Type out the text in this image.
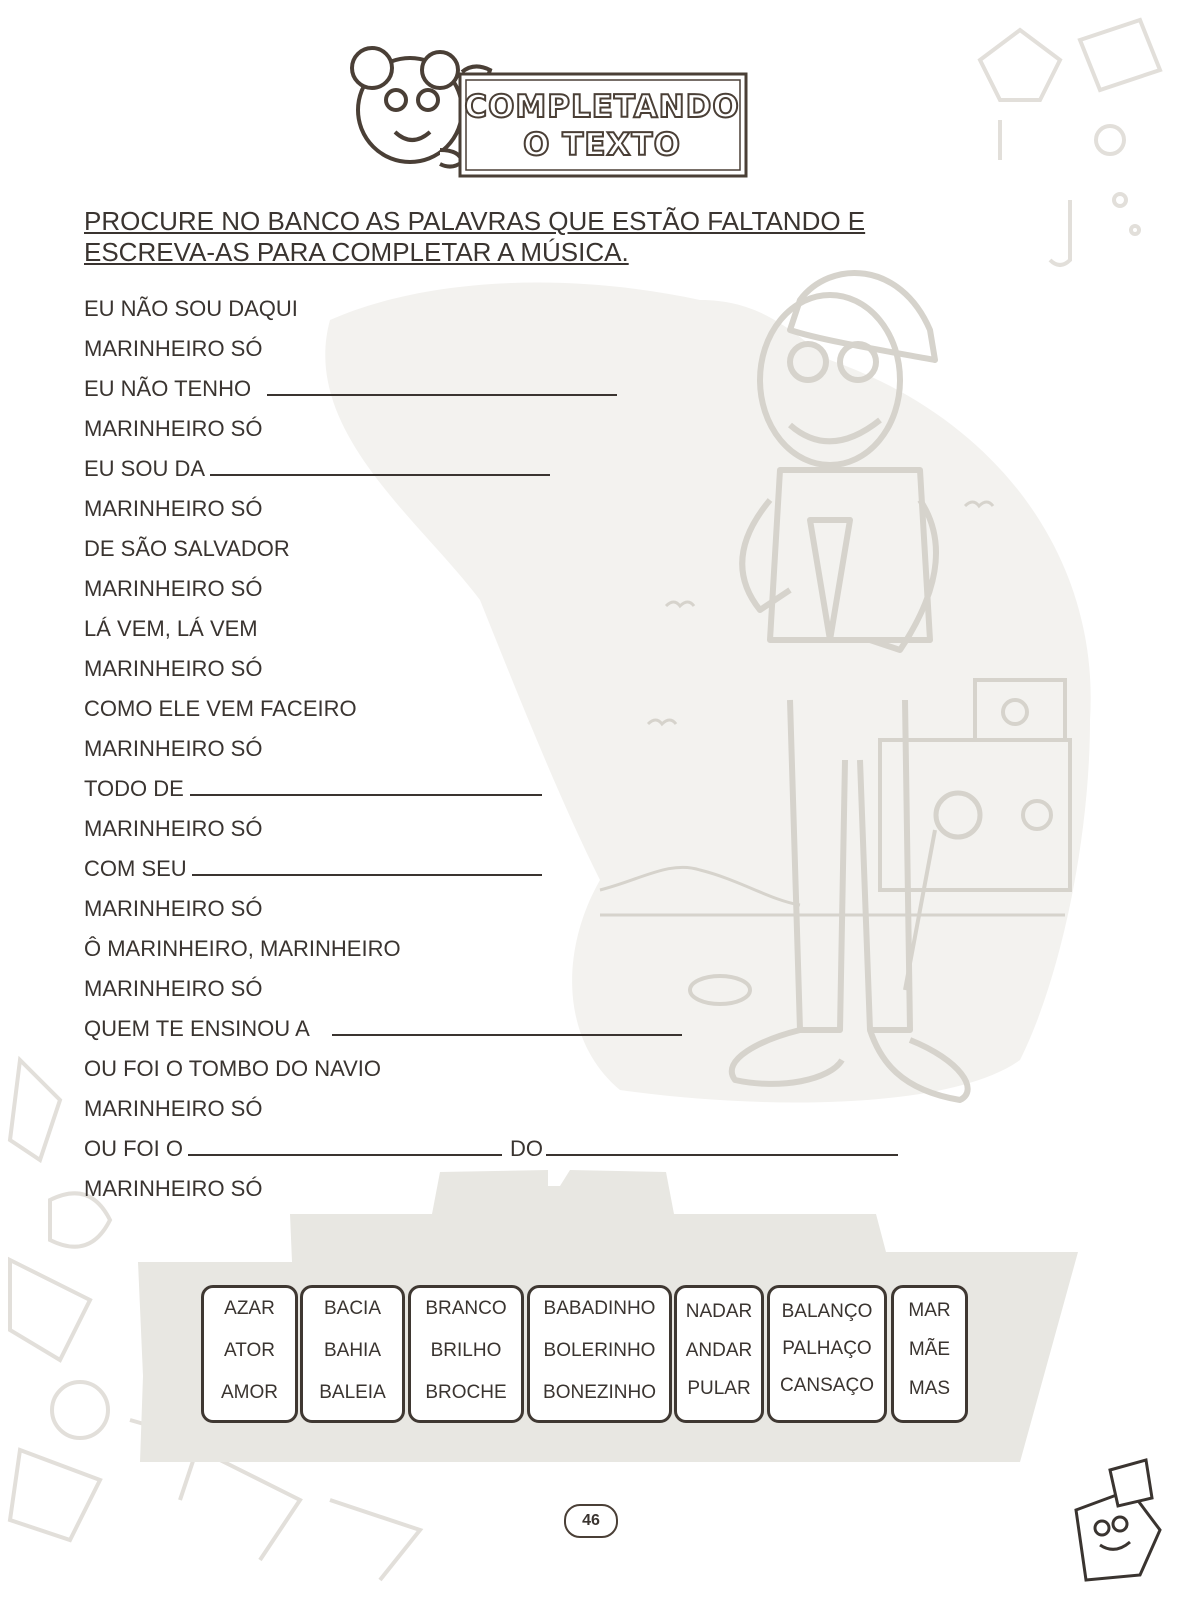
COMPLETANDO
O TEXTO
PROCURE NO BANCO AS PALAVRAS QUE ESTÃO FALTANDO E
ESCREVA-AS PARA COMPLETAR A MÚSICA.
EU NÃO SOU DAQUI
MARINHEIRO SÓ
EU NÃO TENHO
MARINHEIRO SÓ
EU SOU DA
MARINHEIRO SÓ
DE SÃO SALVADOR
MARINHEIRO SÓ
LÁ VEM, LÁ VEM
MARINHEIRO SÓ
COMO ELE VEM FACEIRO
MARINHEIRO SÓ
TODO DE
MARINHEIRO SÓ
COM SEU
MARINHEIRO SÓ
Ô MARINHEIRO, MARINHEIRO
MARINHEIRO SÓ
QUEM TE ENSINOU A
OU FOI O TOMBO DO NAVIO
MARINHEIRO SÓ
OU FOI O	DO
MARINHEIRO SÓ
AZAR
ATOR
AMOR
BACIA
BAHIA
BALEIA
BRANCO
BRILHO
BROCHE
BABADINHO
BOLERINHO
BONEZINHO
NADAR
ANDAR
PULAR
BALANÇO
PALHAÇO
CANSAÇO
MAR
MÃE
MAS
46
